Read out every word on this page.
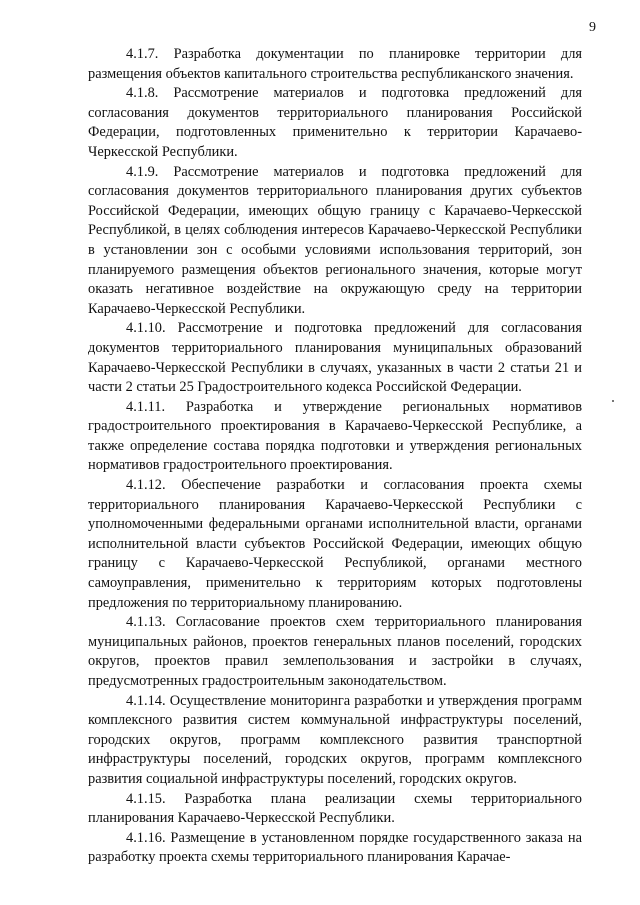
9

4.1.7. Разработка документации по планировке территории для размещения объектов капитального строительства республиканского значения.

4.1.8. Рассмотрение материалов и подготовка предложений для согласования документов территориального планирования Российской Федерации, подготовленных применительно к территории Карачаево-Черкесской Республики.

4.1.9. Рассмотрение материалов и подготовка предложений для согласования документов территориального планирования других субъектов Российской Федерации, имеющих общую границу с Карачаево-Черкесской Республикой, в целях соблюдения интересов Карачаево-Черкесской Республики в установлении зон с особыми условиями использования территорий, зон планируемого размещения объектов регионального значения, которые могут оказать негативное воздействие на окружающую среду на территории Карачаево-Черкесской Республики.

4.1.10. Рассмотрение и подготовка предложений для согласования документов территориального планирования муниципальных образований Карачаево-Черкесской Республики в случаях, указанных в части 2 статьи 21 и части 2 статьи 25 Градостроительного кодекса Российской Федерации.

4.1.11. Разработка и утверждение региональных нормативов градостроительного проектирования в Карачаево-Черкесской Республике, а также определение состава порядка подготовки и утверждения региональных нормативов градостроительного проектирования.

4.1.12. Обеспечение разработки и согласования проекта схемы территориального планирования Карачаево-Черкесской Республики с уполномоченными федеральными органами исполнительной власти, органами исполнительной власти субъектов Российской Федерации, имеющих общую границу с Карачаево-Черкесской Республикой, органами местного самоуправления, применительно к территориям которых подготовлены предложения по территориальному планированию.

4.1.13. Согласование проектов схем территориального планирования муниципальных районов, проектов генеральных планов поселений, городских округов, проектов правил землепользования и застройки в случаях, предусмотренных градостроительным законодательством.

4.1.14. Осуществление мониторинга разработки и утверждения программ комплексного развития систем коммунальной инфраструктуры поселений, городских округов, программ комплексного развития транспортной инфраструктуры поселений, городских округов, программ комплексного развития социальной инфраструктуры поселений, городских округов.

4.1.15. Разработка плана реализации схемы территориального планирования Карачаево-Черкесской Республики.

4.1.16. Размещение в установленном порядке государственного заказа на разработку проекта схемы территориального планирования Карачае-
